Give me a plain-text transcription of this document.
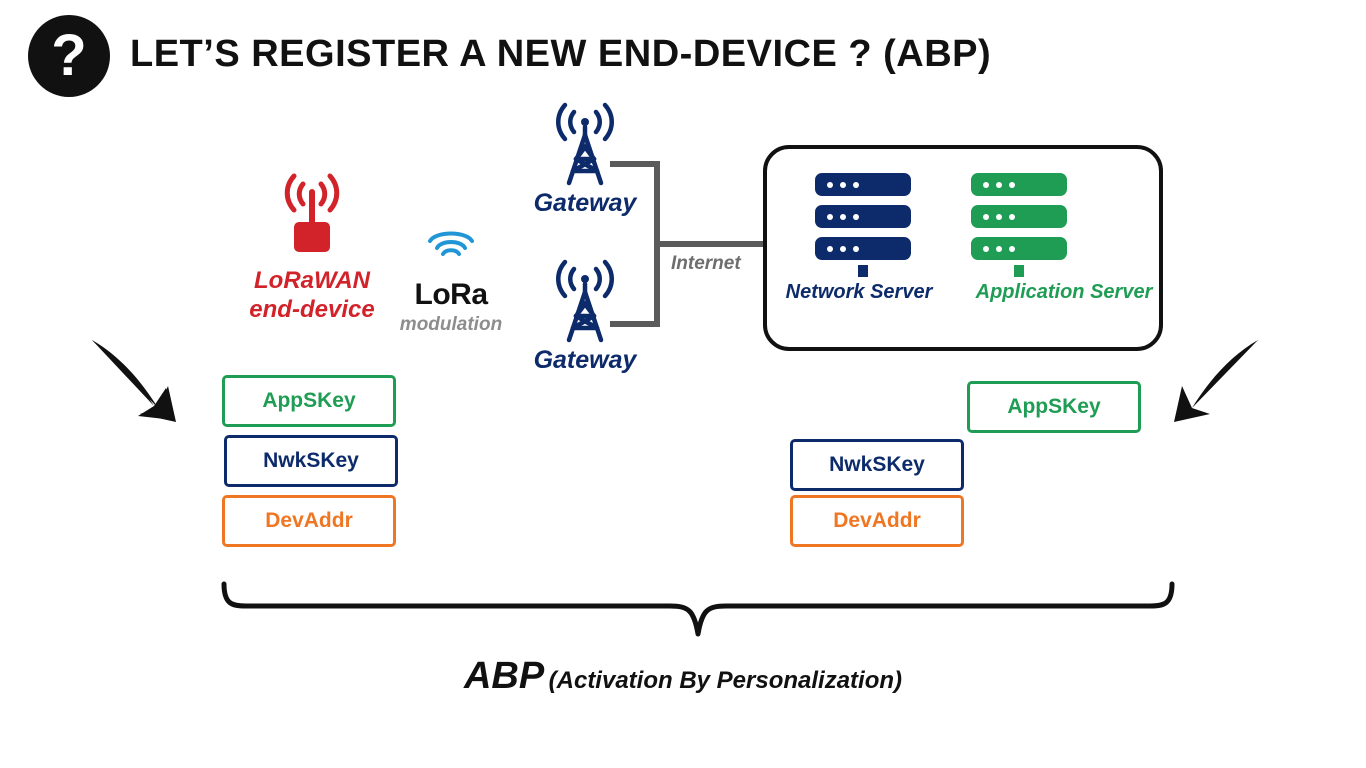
? LET’S REGISTER A NEW END-DEVICE ? (ABP)
LoRaWAN
end-device	LoRa
modulation
Gateway
Gateway
Internet
Network Server	Application Server
AppSKey
NwkSKey
DevAddr
AppSKey
NwkSKey
DevAddr
ABP (Activation By Personalization)
